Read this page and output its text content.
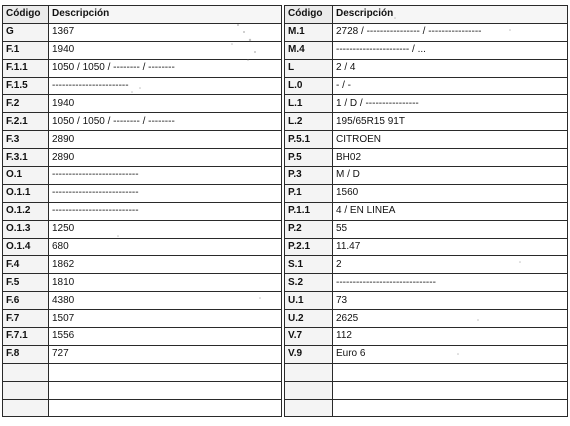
Código	Descripción
G	1367
F.1	1940
F.1.1	1050 / 1050 / -------- / --------
F.1.5	-----------------------
F.2	1940
F.2.1	1050 / 1050 / -------- / --------
F.3	2890
F.3.1	2890
O.1	--------------------------
O.1.1	--------------------------
O.1.2	--------------------------
O.1.3	1250
O.1.4	680
F.4	1862
F.5	1810
F.6	4380
F.7	1507
F.7.1	1556
F.8	727

Código	Descripción
M.1	2728 / ---------------- / ----------------
M.4	---------------------- / ...
L	2 / 4
L.0	- / -
L.1	1 / D / ----------------
L.2	195/65R15 91T
P.5.1	CITROEN
P.5	BH02
P.3	M / D
P.1	1560
P.1.1	4 / EN LINEA
P.2	55
P.2.1	11.47
S.1	2
S.2	------------------------------
U.1	73
U.2	2625
V.7	112
V.9	Euro 6
